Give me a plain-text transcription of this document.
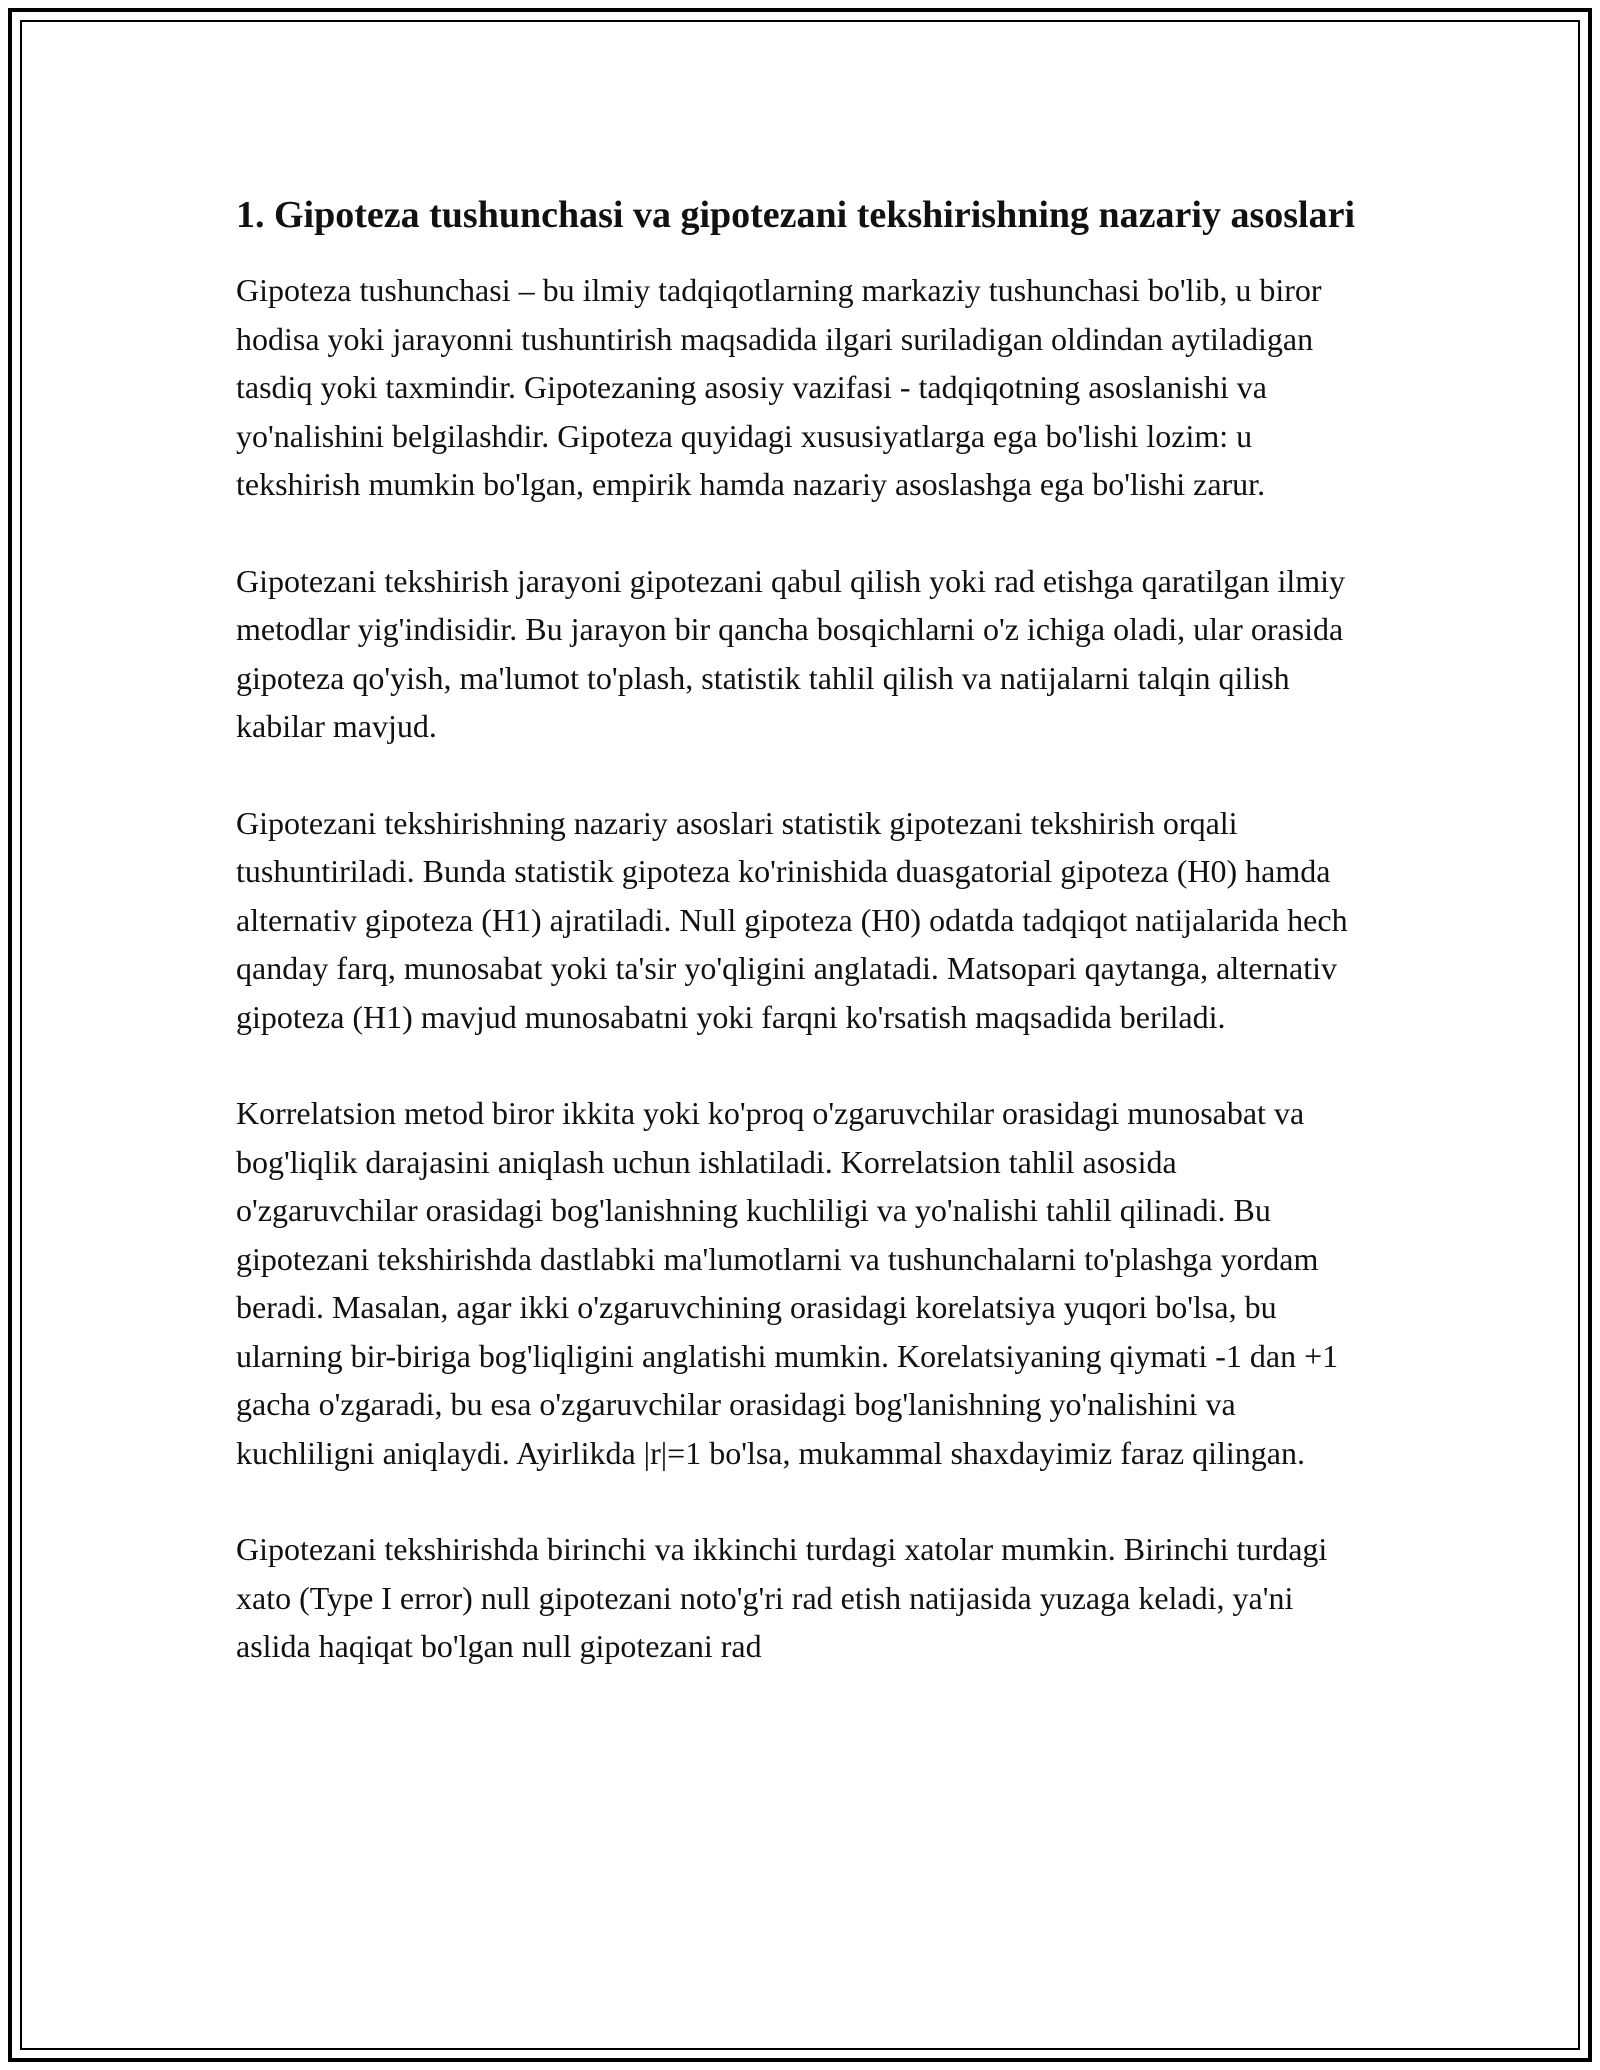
1. Gipoteza tushunchasi va gipotezani tekshirishning nazariy asoslari

Gipoteza tushunchasi – bu ilmiy tadqiqotlarning markaziy tushunchasi bo'lib, u biror hodisa yoki jarayonni tushuntirish maqsadida ilgari suriladigan oldindan aytiladigan tasdiq yoki taxmindir. Gipotezaning asosiy vazifasi - tadqiqotning asoslanishi va yo'nalishini belgilashdir. Gipoteza quyidagi xususiyatlarga ega bo'lishi lozim: u tekshirish mumkin bo'lgan, empirik hamda nazariy asoslashga ega bo'lishi zarur.

Gipotezani tekshirish jarayoni gipotezani qabul qilish yoki rad etishga qaratilgan ilmiy metodlar yig'indisidir. Bu jarayon bir qancha bosqichlarni o'z ichiga oladi, ular orasida gipoteza qo'yish, ma'lumot to'plash, statistik tahlil qilish va natijalarni talqin qilish kabilar mavjud.

Gipotezani tekshirishning nazariy asoslari statistik gipotezani tekshirish orqali tushuntiriladi. Bunda statistik gipoteza ko'rinishida duasgatorial gipoteza (H0) hamda alternativ gipoteza (H1) ajratiladi. Null gipoteza (H0) odatda tadqiqot natijalarida hech qanday farq, munosabat yoki ta'sir yo'qligini anglatadi. Matsopari qaytanga, alternativ gipoteza (H1) mavjud munosabatni yoki farqni ko'rsatish maqsadida beriladi.

Korrelatsion metod biror ikkita yoki ko'proq o'zgaruvchilar orasidagi munosabat va bog'liqlik darajasini aniqlash uchun ishlatiladi. Korrelatsion tahlil asosida o'zgaruvchilar orasidagi bog'lanishning kuchliligi va yo'nalishi tahlil qilinadi. Bu gipotezani tekshirishda dastlabki ma'lumotlarni va tushunchalarni to'plashga yordam beradi. Masalan, agar ikki o'zgaruvchining orasidagi korelatsiya yuqori bo'lsa, bu ularning bir-biriga bog'liqligini anglatishi mumkin. Korelatsiyaning qiymati -1 dan +1 gacha o'zgaradi, bu esa o'zgaruvchilar orasidagi bog'lanishning yo'nalishini va kuchliligni aniqlaydi. Ayirlikda |r|=1 bo'lsa, mukammal shaxdayimiz faraz qilingan.

Gipotezani tekshirishda birinchi va ikkinchi turdagi xatolar mumkin. Birinchi turdagi xato (Type I error) null gipotezani noto'g'ri rad etish natijasida yuzaga keladi, ya'ni aslida haqiqat bo'lgan null gipotezani rad
